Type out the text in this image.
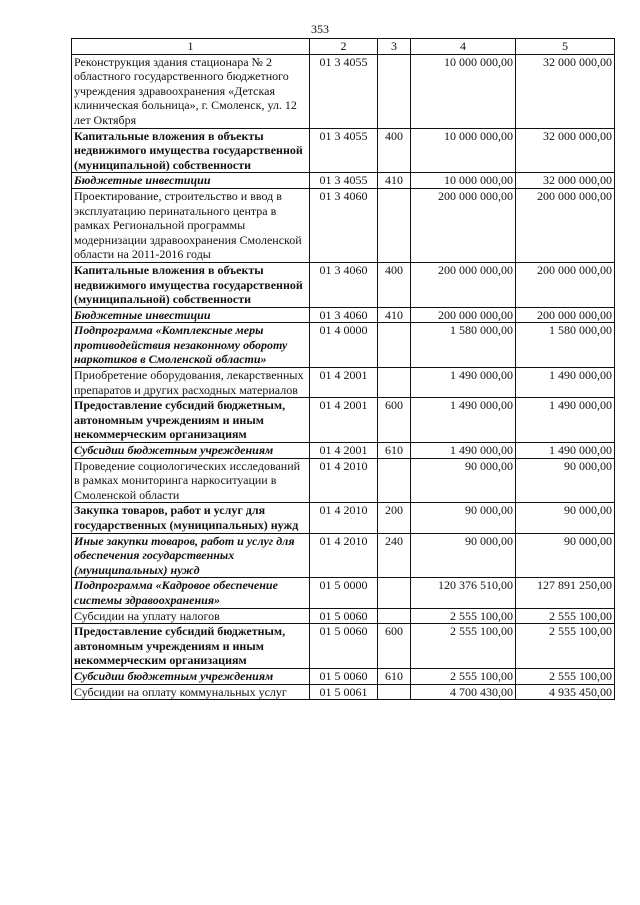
353
1	2	3	4	5
Реконструкция здания стационара № 2 областного государственного бюджетного учреждения здравоохранения «Детская клиническая больница», г. Смоленск, ул. 12 лет Октября	01 3 4055		10 000 000,00	32 000 000,00
Капитальные вложения в объекты недвижимого имущества государственной (муниципальной) собственности	01 3 4055	400	10 000 000,00	32 000 000,00
Бюджетные инвестиции	01 3 4055	410	10 000 000,00	32 000 000,00
Проектирование, строительство и ввод в эксплуатацию перинатального центра в рамках Региональной программы модернизации здравоохранения Смоленской области на 2011-2016 годы	01 3 4060		200 000 000,00	200 000 000,00
Капитальные вложения в объекты недвижимого имущества государственной (муниципальной) собственности	01 3 4060	400	200 000 000,00	200 000 000,00
Бюджетные инвестиции	01 3 4060	410	200 000 000,00	200 000 000,00
Подпрограмма «Комплексные меры противодействия незаконному обороту наркотиков в Смоленской области»	01 4 0000		1 580 000,00	1 580 000,00
Приобретение оборудования, лекарственных препаратов и других расходных материалов	01 4 2001		1 490 000,00	1 490 000,00
Предоставление субсидий бюджетным, автономным учреждениям и иным некоммерческим организациям	01 4 2001	600	1 490 000,00	1 490 000,00
Субсидии бюджетным учреждениям	01 4 2001	610	1 490 000,00	1 490 000,00
Проведение социологических исследований в рамках мониторинга наркоситуации в Смоленской области	01 4 2010		90 000,00	90 000,00
Закупка товаров, работ и услуг для государственных (муниципальных) нужд	01 4 2010	200	90 000,00	90 000,00
Иные закупки товаров, работ и услуг для обеспечения государственных (муниципальных) нужд	01 4 2010	240	90 000,00	90 000,00
Подпрограмма «Кадровое обеспечение системы здравоохранения»	01 5 0000		120 376 510,00	127 891 250,00
Субсидии на уплату налогов	01 5 0060		2 555 100,00	2 555 100,00
Предоставление субсидий бюджетным, автономным учреждениям и иным некоммерческим организациям	01 5 0060	600	2 555 100,00	2 555 100,00
Субсидии бюджетным учреждениям	01 5 0060	610	2 555 100,00	2 555 100,00
Субсидии на оплату коммунальных услуг	01 5 0061		4 700 430,00	4 935 450,00
